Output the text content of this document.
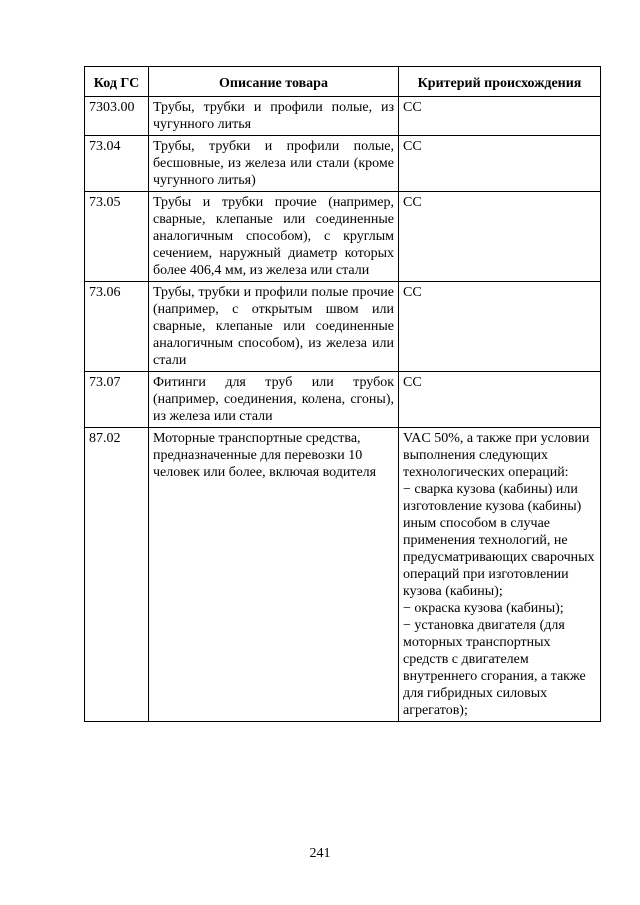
Код ГС	Описание товара	Критерий происхождения
7303.00	Трубы, трубки и профили полые, из чугунного литья	СС
73.04	Трубы, трубки и профили полые, бесшовные, из железа или стали (кроме чугунного литья)	СС
73.05	Трубы и трубки прочие (например, сварные, клепаные или соединенные аналогичным способом), с круглым сечением, наружный диаметр которых более 406,4 мм, из железа или стали	СС
73.06	Трубы, трубки и профили полые прочие (например, с открытым швом или сварные, клепаные или соединенные аналогичным способом), из железа или стали	СС
73.07	Фитинги для труб или трубок (например, соединения, колена, сгоны), из железа или стали	СС
87.02	Моторные транспортные средства, предназначенные для перевозки 10 человек или более, включая водителя	VAC 50%, а также при условии выполнения следующих технологических операций:
− сварка кузова (кабины) или изготовление кузова (кабины) иным способом в случае применения технологий, не предусматривающих сварочных операций при изготовлении кузова (кабины);
− окраска кузова (кабины);
− установка двигателя (для моторных транспортных средств с двигателем внутреннего сгорания, а также для гибридных силовых агрегатов);
241
